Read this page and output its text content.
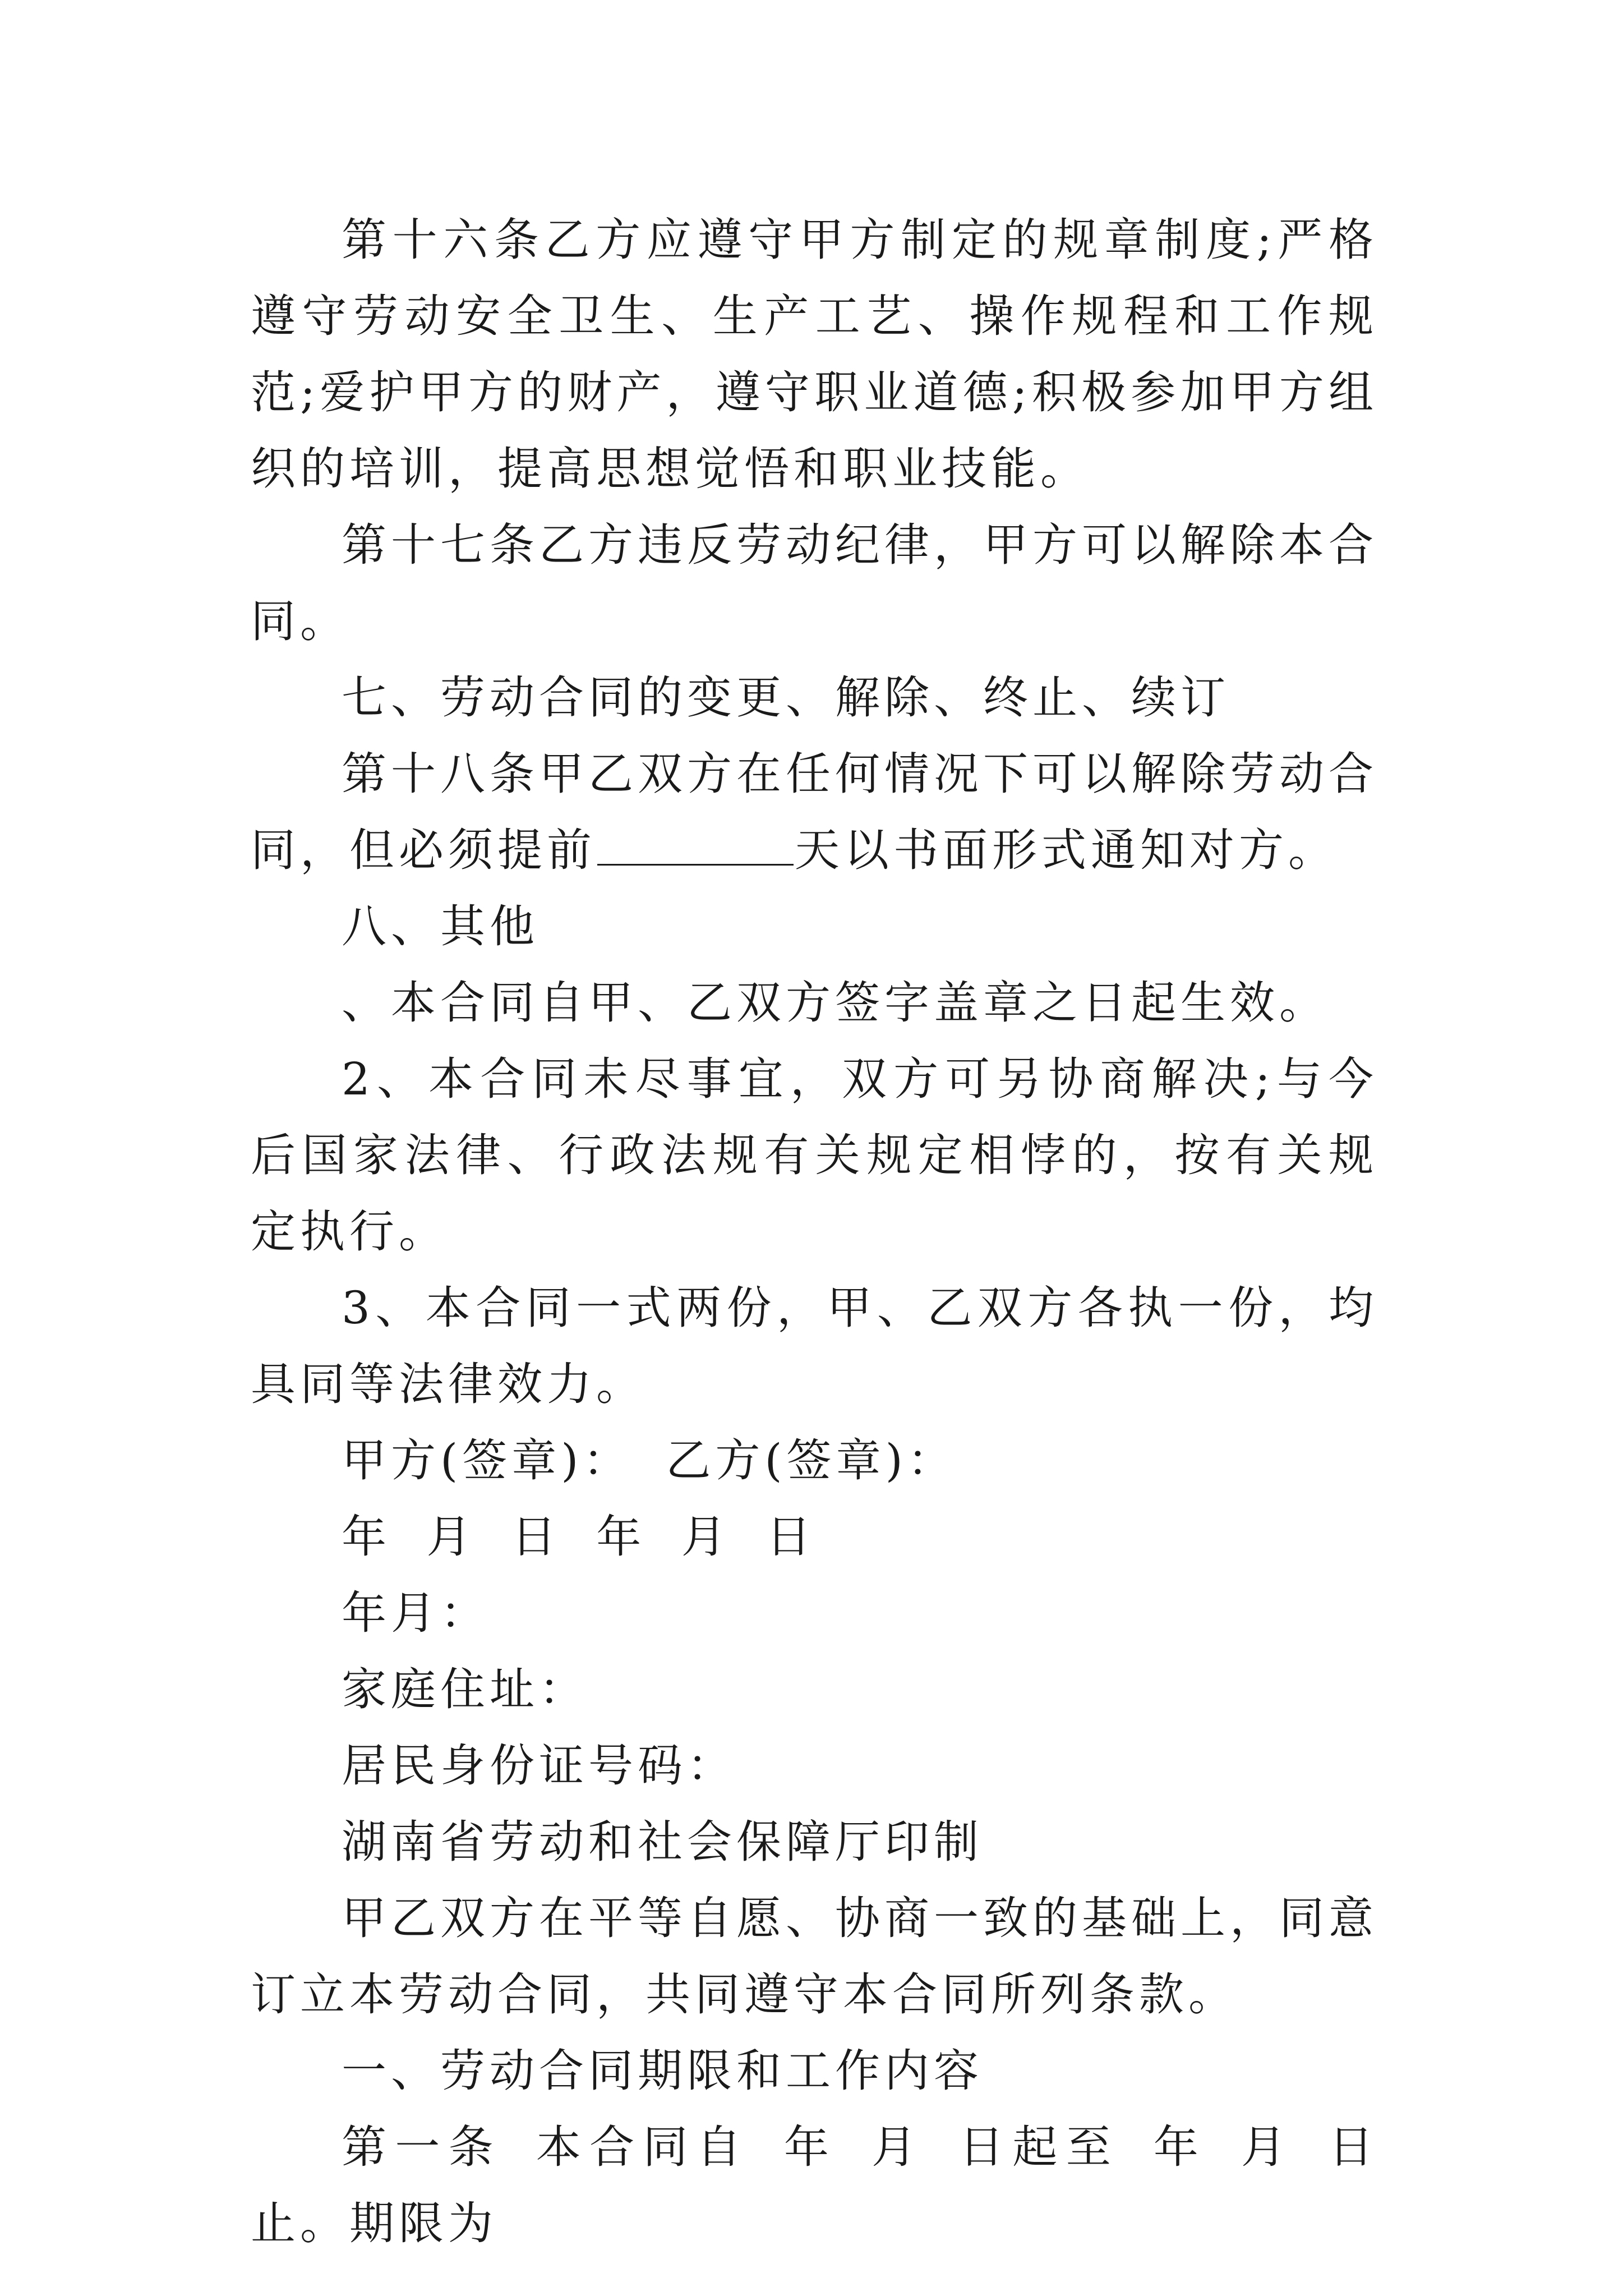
第十六条乙方应遵守甲方制定的规章制度;严格遵守劳动安全卫生、生产工艺、操作规程和工作规范;爱护甲方的财产，遵守职业道德;积极参加甲方组织的培训，提高思想觉悟和职业技能。

第十七条乙方违反劳动纪律，甲方可以解除本合同。

七、劳动合同的变更、解除、终止、续订

第十八条甲乙双方在任何情况下可以解除劳动合同，但必须提前	天以书面形式通知对方。

八、其他

、本合同自甲、乙双方签字盖章之日起生效。

2、本合同未尽事宜，双方可另协商解决;与今后国家法律、行政法规有关规定相悖的，按有关规定执行。

3、本合同一式两份，甲、乙双方各执一份，均具同等法律效力。

甲方(签章)： 乙方(签章)：

年 月 日 年 月 日

年月：

家庭住址：

居民身份证号码：

湖南省劳动和社会保障厅印制

甲乙双方在平等自愿、协商一致的基础上，同意订立本劳动合同，共同遵守本合同所列条款。

一、劳动合同期限和工作内容

第一条 本合同自 年 月 日起至 年 月 日止。期限为
